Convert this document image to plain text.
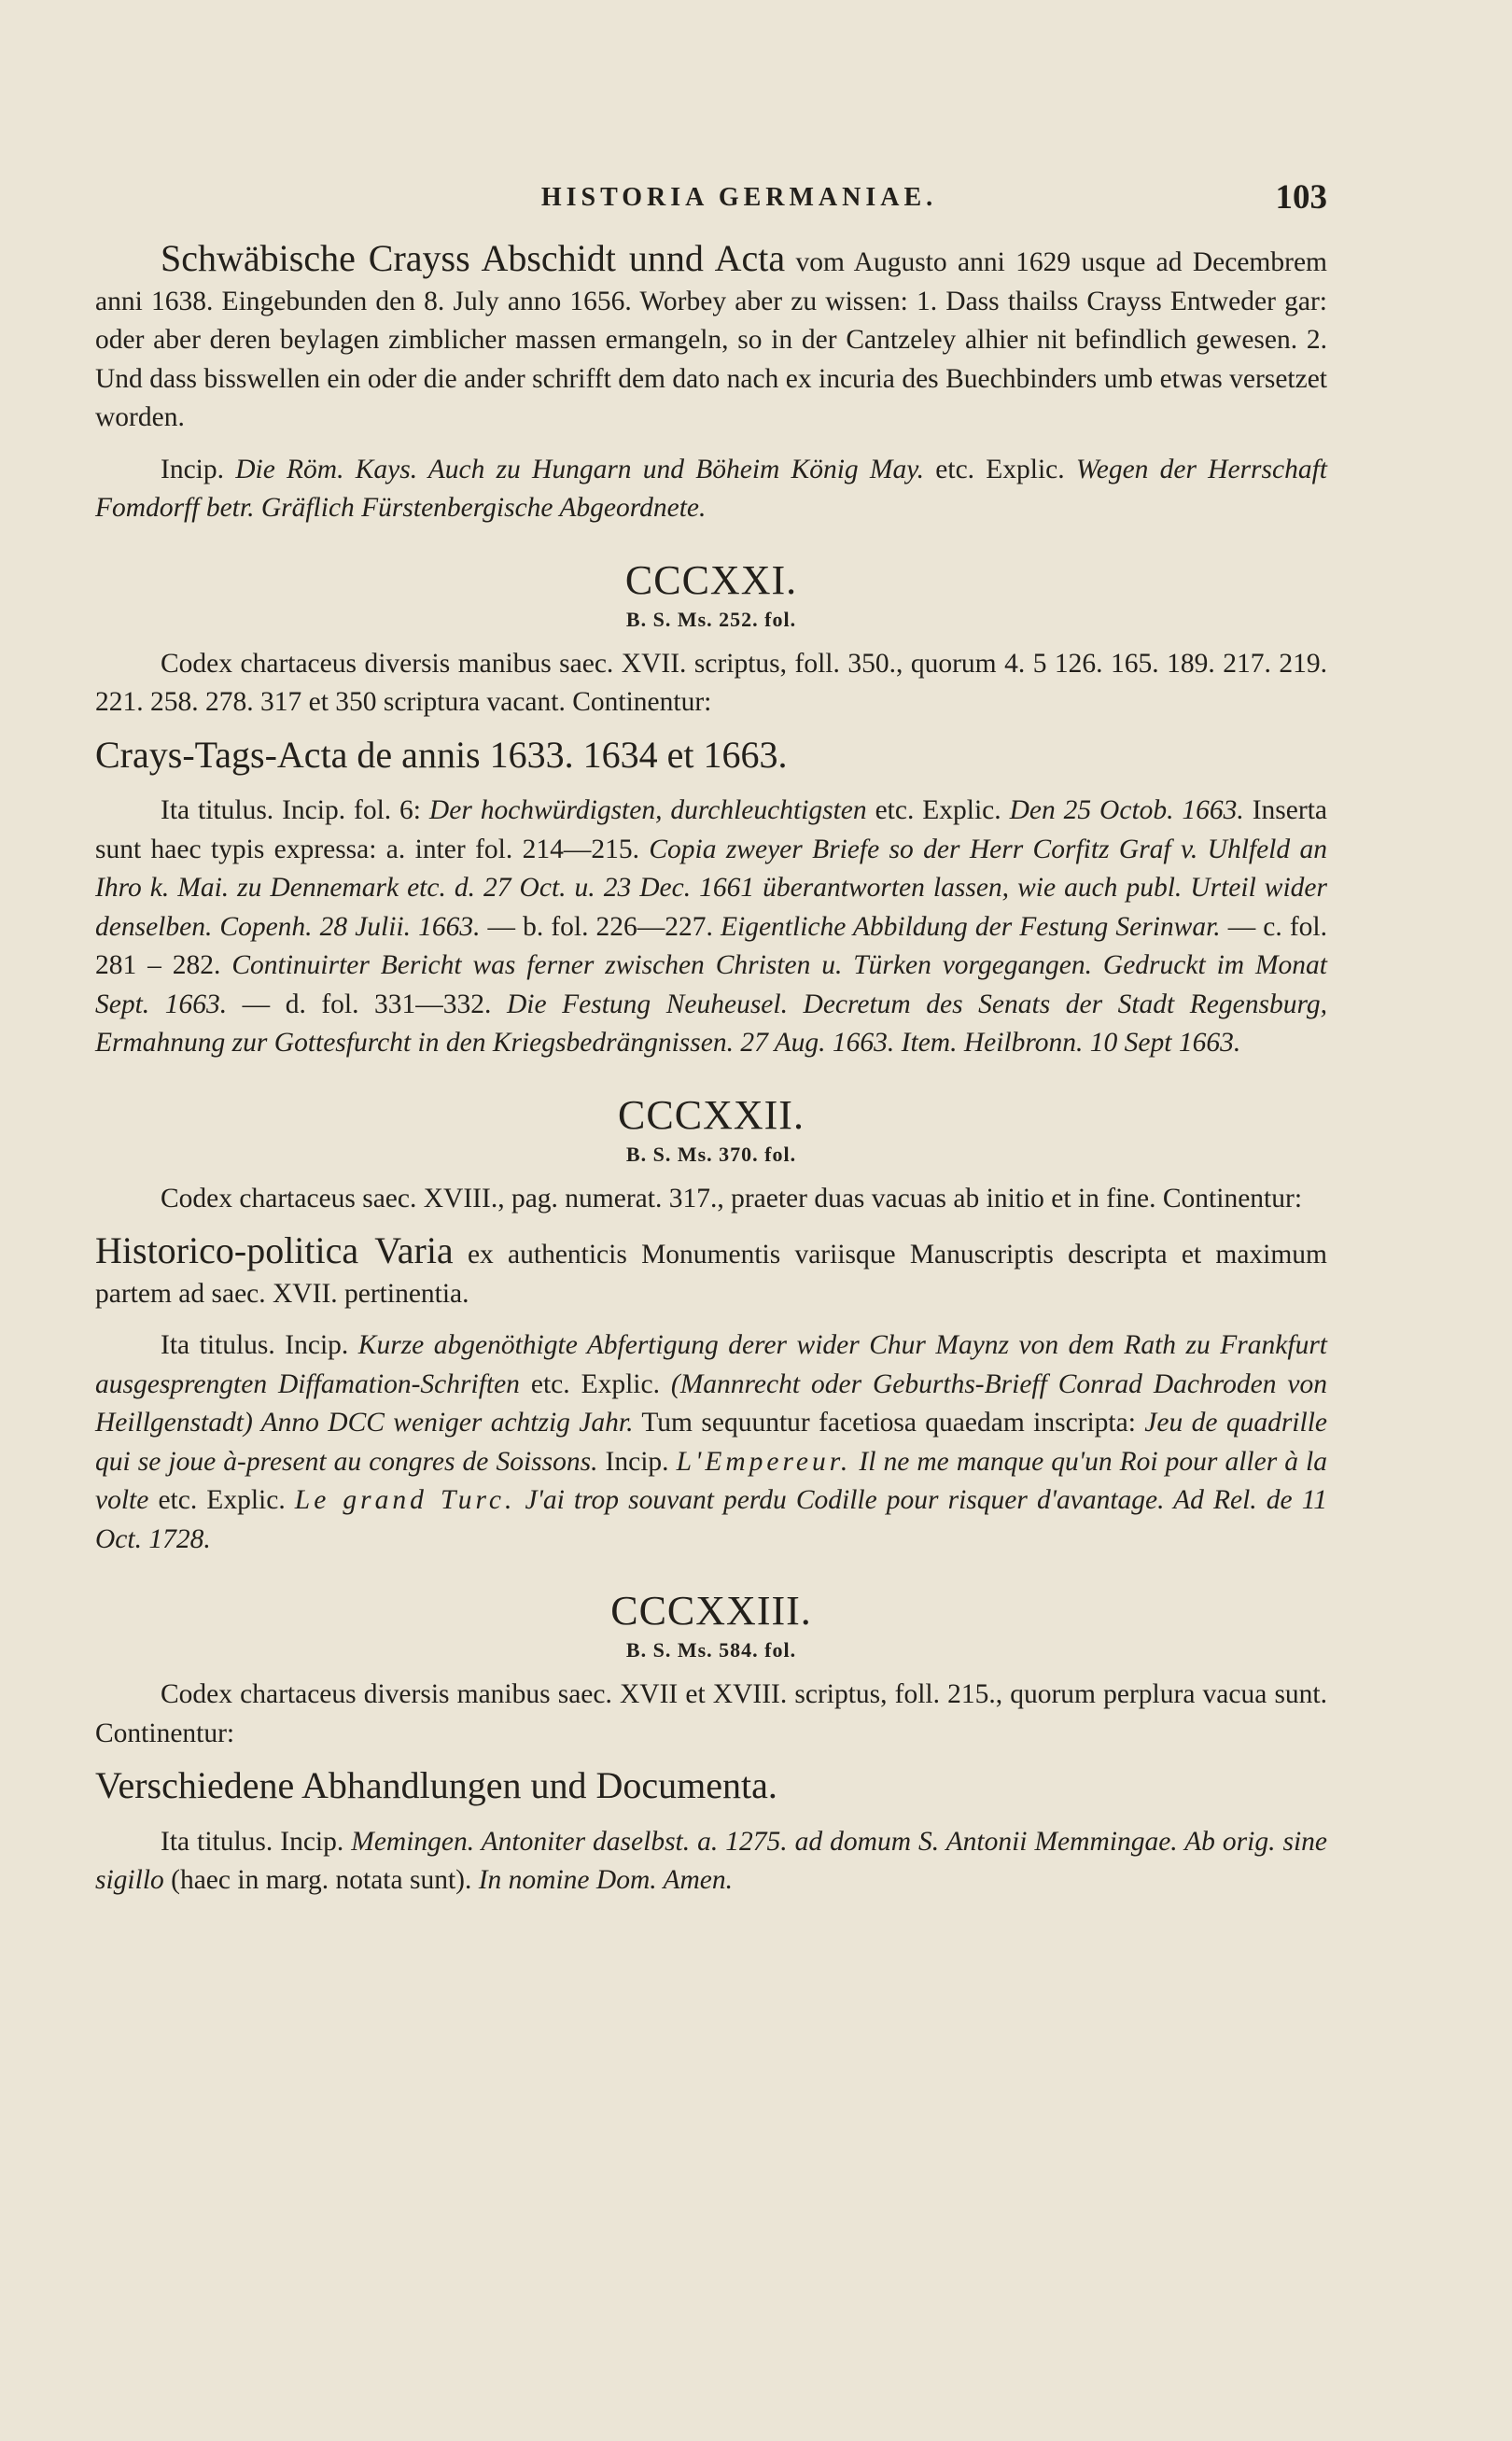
HISTORIA GERMANIAE.	103

Schwäbische Crayss Abschidt unnd Acta vom Augusto anni 1629 usque ad Decembrem anni 1638. Eingebunden den 8. July anno 1656. Worbey aber zu wissen: 1. Dass thailss Crayss Entweder gar: oder aber deren beylagen zimblicher massen ermangeln, so in der Cantzeley alhier nit befindlich gewesen. 2. Und dass bisswellen ein oder die ander schrifft dem dato nach ex incuria des Buechbinders umb etwas versetzet worden.

Incip. Die Röm. Kays. Auch zu Hungarn und Böheim König May. etc. Explic. Wegen der Herrschaft Fomdorff betr. Gräflich Fürstenbergische Abgeordnete.

CCCXXI.
B. S. Ms. 252. fol.

Codex chartaceus diversis manibus saec. XVII. scriptus, foll. 350., quorum 4. 5 126. 165. 189. 217. 219. 221. 258. 278. 317 et 350 scriptura vacant. Continentur:

Crays-Tags-Acta de annis 1633. 1634 et 1663.

Ita titulus. Incip. fol. 6: Der hochwürdigsten, durchleuchtigsten etc. Explic. Den 25 Octob. 1663. Inserta sunt haec typis expressa: a. inter fol. 214—215. Copia zweyer Briefe so der Herr Corfitz Graf v. Uhlfeld an Ihro k. Mai. zu Dennemark etc. d. 27 Oct. u. 23 Dec. 1661 überantworten lassen, wie auch publ. Urteil wider denselben. Copenh. 28 Julii. 1663. — b. fol. 226—227. Eigentliche Abbildung der Festung Serinwar. — c. fol. 281 – 282. Continuirter Bericht was ferner zwischen Christen u. Türken vorgegangen. Gedruckt im Monat Sept. 1663. — d. fol. 331—332. Die Festung Neuheusel. Decretum des Senats der Stadt Regensburg, Ermahnung zur Gottesfurcht in den Kriegsbedrängnissen. 27 Aug. 1663. Item. Heilbronn. 10 Sept 1663.

CCCXXII.
B. S. Ms. 370. fol.

Codex chartaceus saec. XVIII., pag. numerat. 317., praeter duas vacuas ab initio et in fine. Continentur:

Historico-politica Varia ex authenticis Monumentis variisque Manuscriptis descripta et maximum partem ad saec. XVII. pertinentia.

Ita titulus. Incip. Kurze abgenöthigte Abfertigung derer wider Chur Maynz von dem Rath zu Frankfurt ausgesprengten Diffamation-Schriften etc. Explic. (Mannrecht oder Geburths-Brieff Conrad Dachroden von Heillgenstadt) Anno DCC weniger achtzig Jahr. Tum sequuntur facetiosa quaedam inscripta: Jeu de quadrille qui se joue à-present au congres de Soissons. Incip. L'Empereur. Il ne me manque qu'un Roi pour aller à la volte etc. Explic. Le grand Turc. J'ai trop souvant perdu Codille pour risquer d'avantage. Ad Rel. de 11 Oct. 1728.

CCCXXIII.
B. S. Ms. 584. fol.

Codex chartaceus diversis manibus saec. XVII et XVIII. scriptus, foll. 215., quorum perplura vacua sunt. Continentur:

Verschiedene Abhandlungen und Documenta.

Ita titulus. Incip. Memingen. Antoniter daselbst. a. 1275. ad domum S. Antonii Memmingae. Ab orig. sine sigillo (haec in marg. notata sunt). In nomine Dom. Amen.
